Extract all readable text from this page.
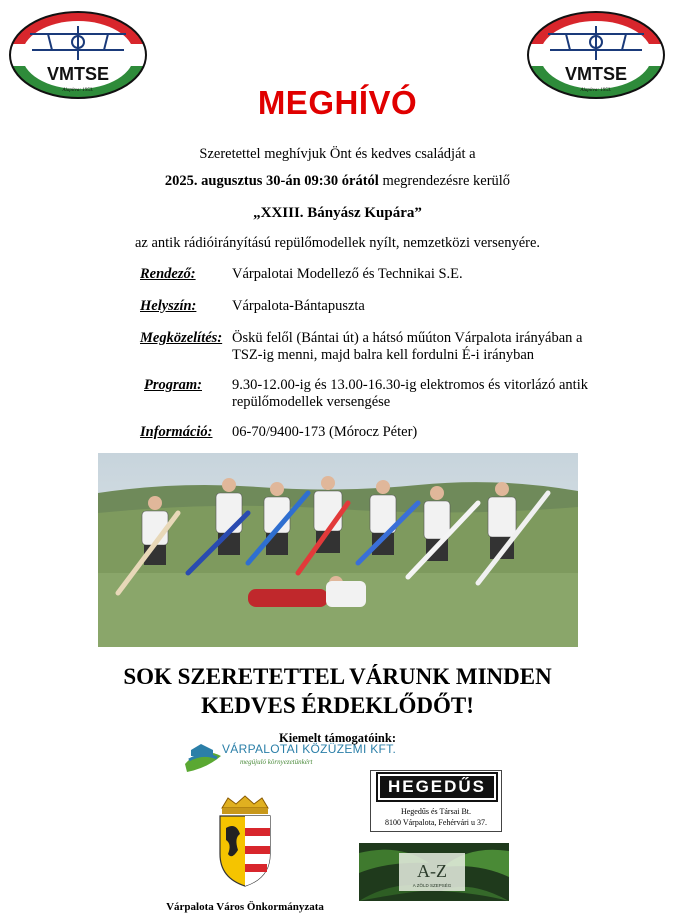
VMTSE
Alapítva: 1953.
VMTSE
Alapítva: 1953.
MEGHÍVÓ
Szeretettel meghívjuk Önt és kedves családját a
2025. augusztus 30-án 09:30 órától megrendezésre kerülő
„XXIII. Bányász Kupára”
az antik rádióirányítású repülőmodellek nyílt, nemzetközi versenyére.
Rendező:	Várpalotai Modellező és Technikai S.E.
Helyszín: Várpalota-Bántapuszta
Megközelítés: Öskü felől (Bántai út) a hátsó műúton Várpalota irányában a TSZ-ig menni, majd balra kell fordulni É-i irányban
Program: 9.30-12.00-ig és 13.00-16.30-ig elektromos és vitorlázó antik repülőmodellek versengése
Információ: 06-70/9400-173 (Mórocz Péter)
SOK SZERETETTEL VÁRUNK MINDEN
KEDVES ÉRDEKLŐDŐT!
Kiemelt támogatóink:
VÁRPALOTAI KÖZÜZEMI KFT.
megújuló környezetünkért
HEGEDŰS
Hegedűs és Társai Bt.
8100 Várpalota, Fehérvári u 37.
Várpalota Város Önkormányzata
A-Z
A ZÖLD SZEPSÉG
